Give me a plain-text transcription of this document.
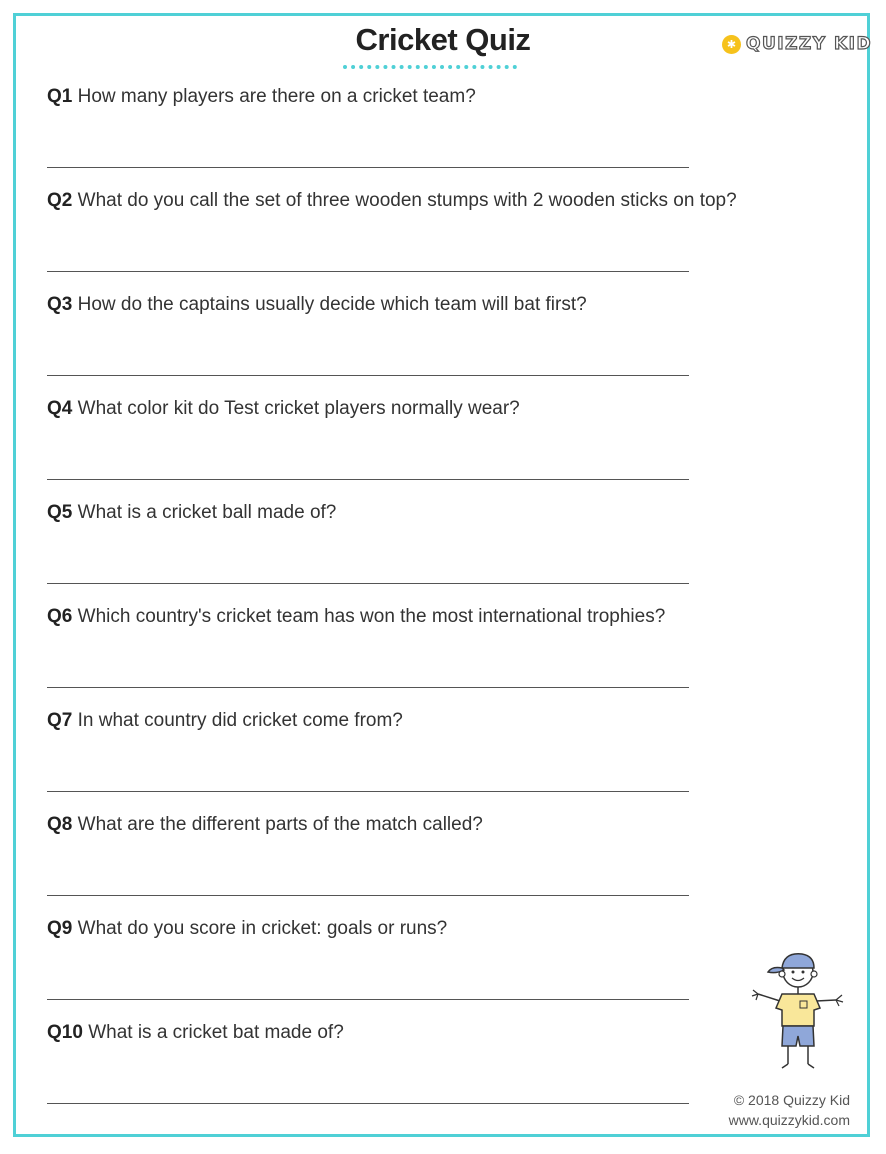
Cricket Quiz	✱ QUIZZY KID
Q1 How many players are there on a cricket team?
Q2 What do you call the set of three wooden stumps with 2 wooden sticks on top?
Q3 How do the captains usually decide which team will bat first?
Q4 What color kit do Test cricket players normally wear?
Q5 What is a cricket ball made of?
Q6 Which country's cricket team has won the most international trophies?
Q7 In what country did cricket come from?
Q8 What are the different parts of the match called?
Q9 What do you score in cricket: goals or runs?
Q10 What is a cricket bat made of?
© 2018 Quizzy Kid
www.quizzykid.com
